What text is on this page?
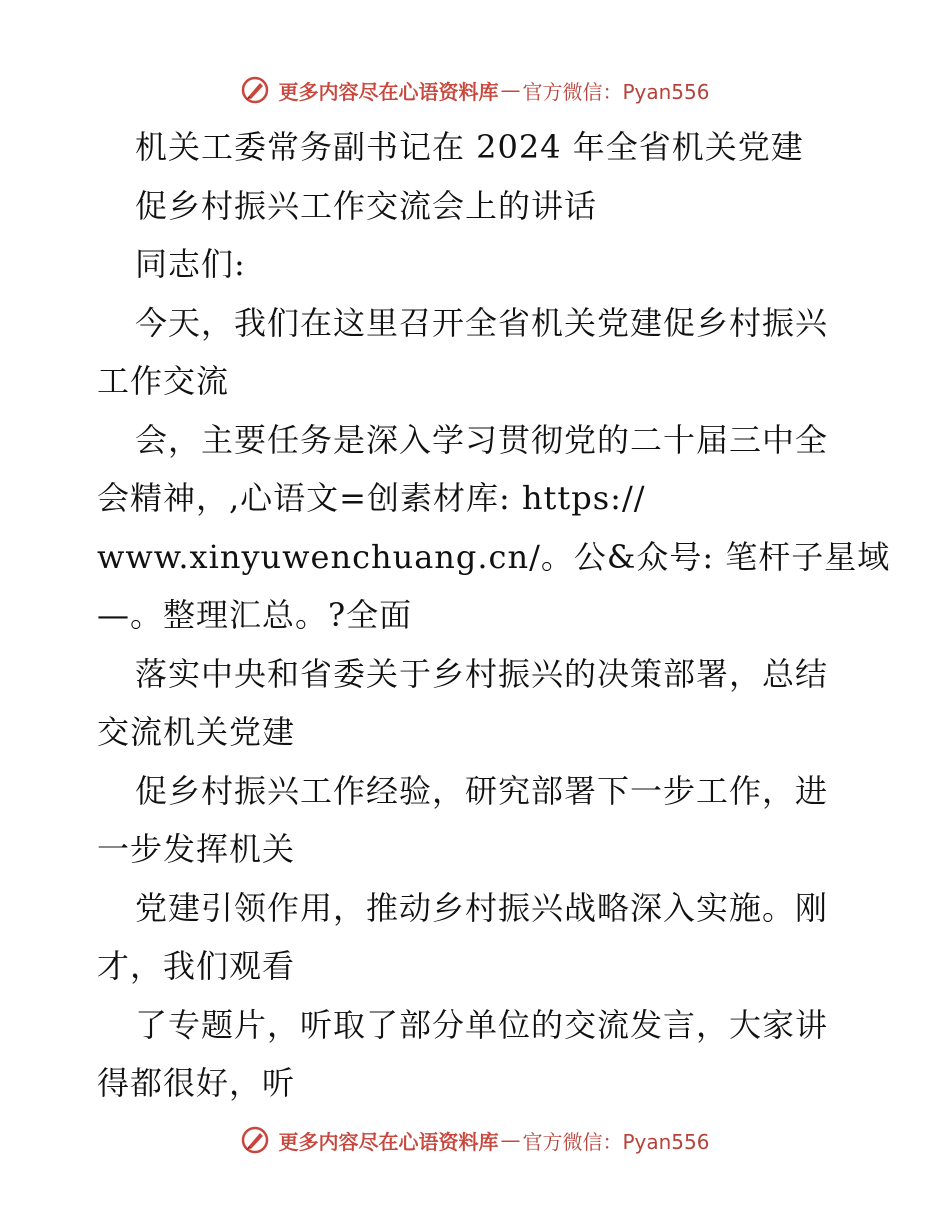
更多内容尽在心语资料库 — 官方微信：Pyan556
机关工委常务副书记在 2024 年全省机关党建
促乡村振兴工作交流会上的讲话
同志们:
今天，我们在这里召开全省机关党建促乡村振兴
工作交流
会，主要任务是深入学习贯彻党的二十届三中全
会精神，,心语文=创素材库: https://
www.xinyuwenchuang.cn/。公&众号: 笔杆子星域
—。整理汇总。?全面
落实中央和省委关于乡村振兴的决策部署，总结
交流机关党建
促乡村振兴工作经验，研究部署下一步工作，进
一步发挥机关
党建引领作用，推动乡村振兴战略深入实施。刚
才，我们观看
了专题片，听取了部分单位的交流发言，大家讲
得都很好，听
更多内容尽在心语资料库 — 官方微信：Pyan556
